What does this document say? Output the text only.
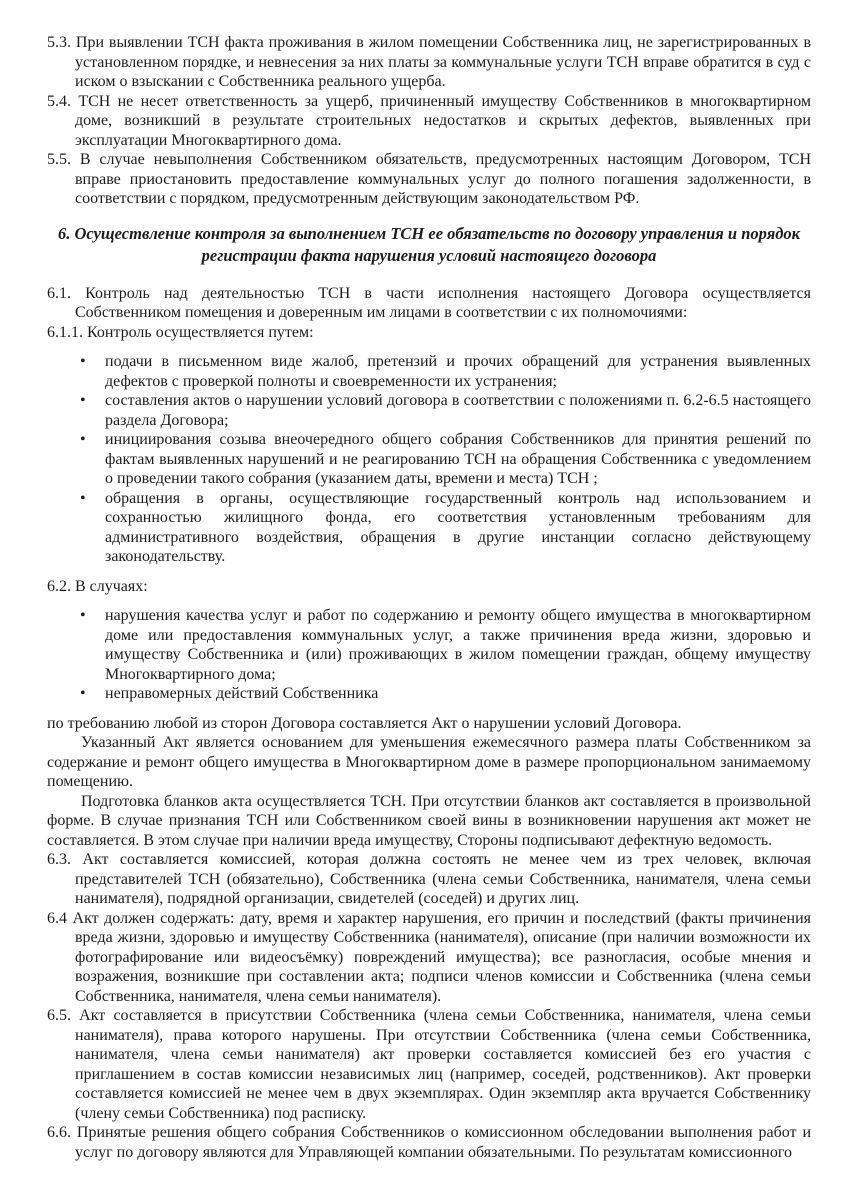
5.3. При выявлении ТСН факта проживания в жилом помещении Собственника лиц, не зарегистрированных в установленном порядке, и невнесения за них платы за коммунальные услуги ТСН вправе обратится в суд с иском о взыскании с Собственника реального ущерба.

5.4. ТСН не несет ответственность за ущерб, причиненный имуществу Собственников в многоквартирном доме, возникший в результате строительных недостатков и скрытых дефектов, выявленных при эксплуатации Многоквартирного дома.

5.5. В случае невыполнения Собственником обязательств, предусмотренных настоящим Договором, ТСН вправе приостановить предоставление коммунальных услуг до полного погашения задолженности, в соответствии с порядком, предусмотренным действующим законодательством РФ.

6. Осуществление контроля за выполнением ТСН ее обязательств по договору управления и порядок регистрации факта нарушения условий настоящего договора

6.1. Контроль над деятельностью ТСН в части исполнения настоящего Договора осуществляется Собственником помещения и доверенным им лицами в соответствии с их полномочиями:

6.1.1. Контроль осуществляется путем:

• подачи в письменном виде жалоб, претензий и прочих обращений для устранения выявленных дефектов с проверкой полноты и своевременности их устранения;
• составления актов о нарушении условий договора в соответствии с положениями п. 6.2-6.5 настоящего раздела Договора;
• инициирования созыва внеочередного общего собрания Собственников для принятия решений по фактам выявленных нарушений и не реагированию ТСН на обращения Собственника с уведомлением о проведении такого собрания (указанием даты, времени и места) ТСН ;
• обращения в органы, осуществляющие государственный контроль над использованием и сохранностью жилищного фонда, его соответствия установленным требованиям для административного воздействия, обращения в другие инстанции согласно действующему законодательству.

6.2. В случаях:

• нарушения качества услуг и работ по содержанию и ремонту общего имущества в многоквартирном доме или предоставления коммунальных услуг, а также причинения вреда жизни, здоровью и имуществу Собственника и (или) проживающих в жилом помещении граждан, общему имуществу Многоквартирного дома;
• неправомерных действий Собственника

по требованию любой из сторон Договора составляется Акт о нарушении условий Договора.

Указанный Акт является основанием для уменьшения ежемесячного размера платы Собственником за содержание и ремонт общего имущества в Многоквартирном доме в размере пропорциональном занимаемому помещению.

Подготовка бланков акта осуществляется ТСН. При отсутствии бланков акт составляется в произвольной форме. В случае признания ТСН или Собственником своей вины в возникновении нарушения акт может не составляется. В этом случае при наличии вреда имуществу, Стороны подписывают дефектную ведомость.

6.3. Акт составляется комиссией, которая должна состоять не менее чем из трех человек, включая представителей ТСН (обязательно), Собственника (члена семьи Собственника, нанимателя, члена семьи нанимателя), подрядной организации, свидетелей (соседей) и других лиц.

6.4 Акт должен содержать: дату, время и характер нарушения, его причин и последствий (факты причинения вреда жизни, здоровью и имуществу Собственника (нанимателя), описание (при наличии возможности их фотографирование или видеосъёмку) повреждений имущества); все разногласия, особые мнения и возражения, возникшие при составлении акта; подписи членов комиссии и Собственника (члена семьи Собственника, нанимателя, члена семьи нанимателя).

6.5. Акт составляется в присутствии Собственника (члена семьи Собственника, нанимателя, члена семьи нанимателя), права которого нарушены. При отсутствии Собственника (члена семьи Собственника, нанимателя, члена семьи нанимателя) акт проверки составляется комиссией без его участия с приглашением в состав комиссии независимых лиц (например, соседей, родственников). Акт проверки составляется комиссией не менее чем в двух экземплярах. Один экземпляр акта вручается Собственнику (члену семьи Собственника) под расписку.

6.6. Принятые решения общего собрания Собственников о комиссионном обследовании выполнения работ и услуг по договору являются для Управляющей компании обязательными. По результатам комиссионного
